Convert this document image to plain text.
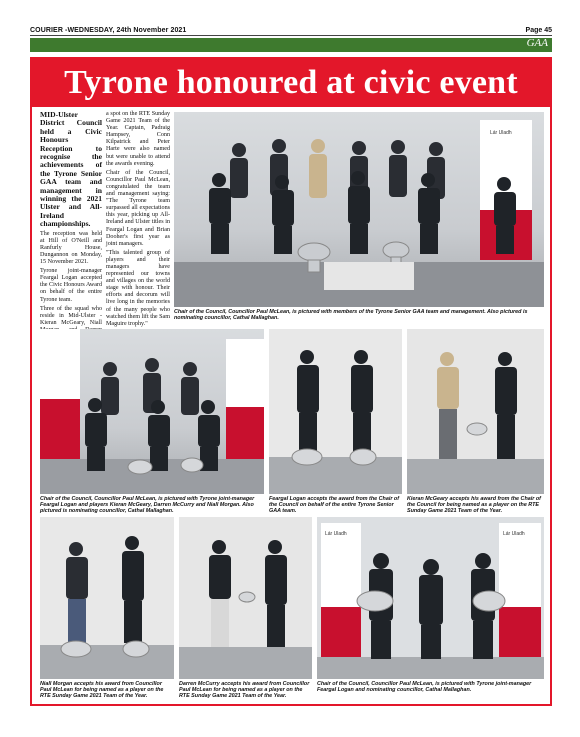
COURIER -WEDNESDAY, 24th November 2021	Page 45
GAA
Tyrone honoured at civic event

MID-Ulster District Council held a Civic Honours Reception to recognise the achievements of the Tyrone Senior GAA team and management in winning the 2021 Ulster and All-Ireland championships.

The reception was held at Hill of O'Neill and Ranfurly House, Dungannon on Monday, 15 November 2021.

Tyrone joint-manager Feargal Logan accepted the Civic Honours Award on behalf of the entire Tyrone team.

Three of the squad who reside in Mid-Ulster - Kieran McGeary, Niall

a spot on the RTE Sunday Game 2021 Team of the Year. Captain, Padraig Hampsey, Conn Kilpatrick and Peter Harte were also named but were unable to attend the awards evening.

Chair of the Council, Councillor Paul McLean, congratulated the team and management saying: "The Tyrone team surpassed all expectations this year, picking up All-Ireland and Ulster titles in Feargal Logan and Brian Dooher's first year as joint managers.

"This talented group of players and their managers have represented our towns and villages on the world stage with honour. Their efforts and decorum will live long in the memories of the many people who watched them lift the Sam Maguire trophy."

Lár Uladh
Chair of the Council, Councillor Paul McLean, is pictured with members of the Tyrone Senior GAA team and management. Also pictured is nominating councillor, Cathal Mallaghan.
Chair of the Council, Councillor Paul McLean, is pictured with Tyrone joint-manager Feargal Logan and players Kieran McGeary, Darren McCurry and Niall Morgan. Also pictured is nominating councillor, Cathal Mallaghan.
Feargal Logan accepts the award from the Chair of the Council on behalf of the entire Tyrone Senior GAA team.
Kieran McGeary accepts his award from the Chair of the Council for being named as a player on the RTE Sunday Game 2021 Team of the Year.
Niall Morgan accepts his award from Councillor Paul McLean for being named as a player on the RTE Sunday Game 2021 Team of the Year.
Darren McCurry accepts his award from Councillor Paul McLean for being named as a player on the RTE Sunday Game 2021 Team of the Year.
Lár Uladh	Lár Uladh
Chair of the Council, Councillor Paul McLean, is pictured with Tyrone joint-manager Feargal Logan and nominating councillor, Cathal Mallaghan.
